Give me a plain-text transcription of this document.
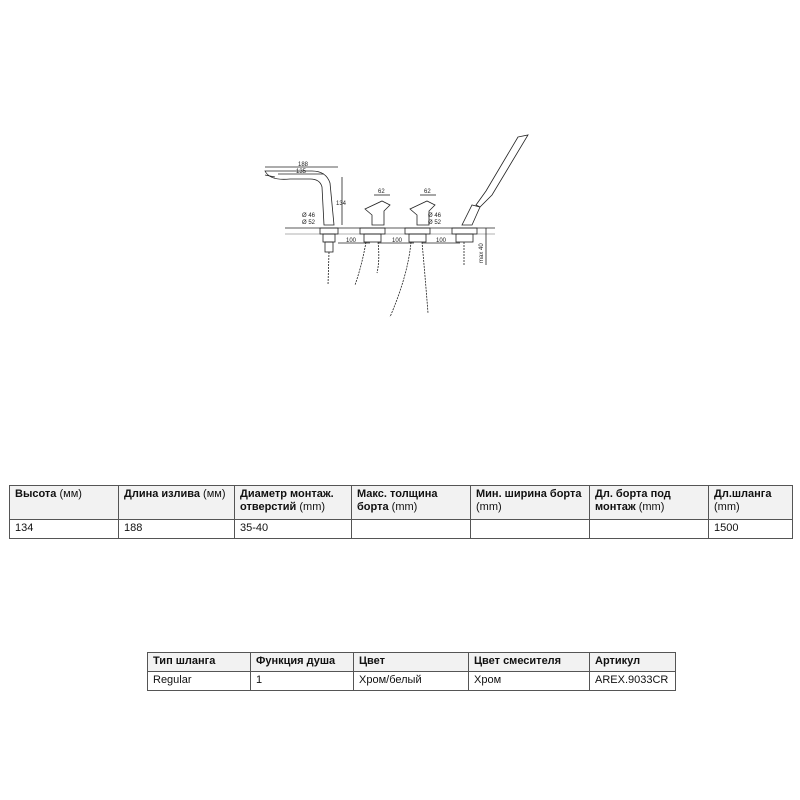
188
135
134
62	62
100	100	100
Ø 46
Ø 52
Ø 46
Ø 52
max 40
Высота (мм)	Длина излива (мм)	Диаметр монтаж. отверстий (mm)	Макс. толщина борта (mm)	Мин. ширина борта (mm)	Дл. борта под монтаж (mm)	Дл.шланга (mm)
134	188	35-40				1500
Тип шланга	Функция душа	Цвет	Цвет смесителя	Артикул
Regular	1	Хром/белый	Хром	AREX.9033CR
